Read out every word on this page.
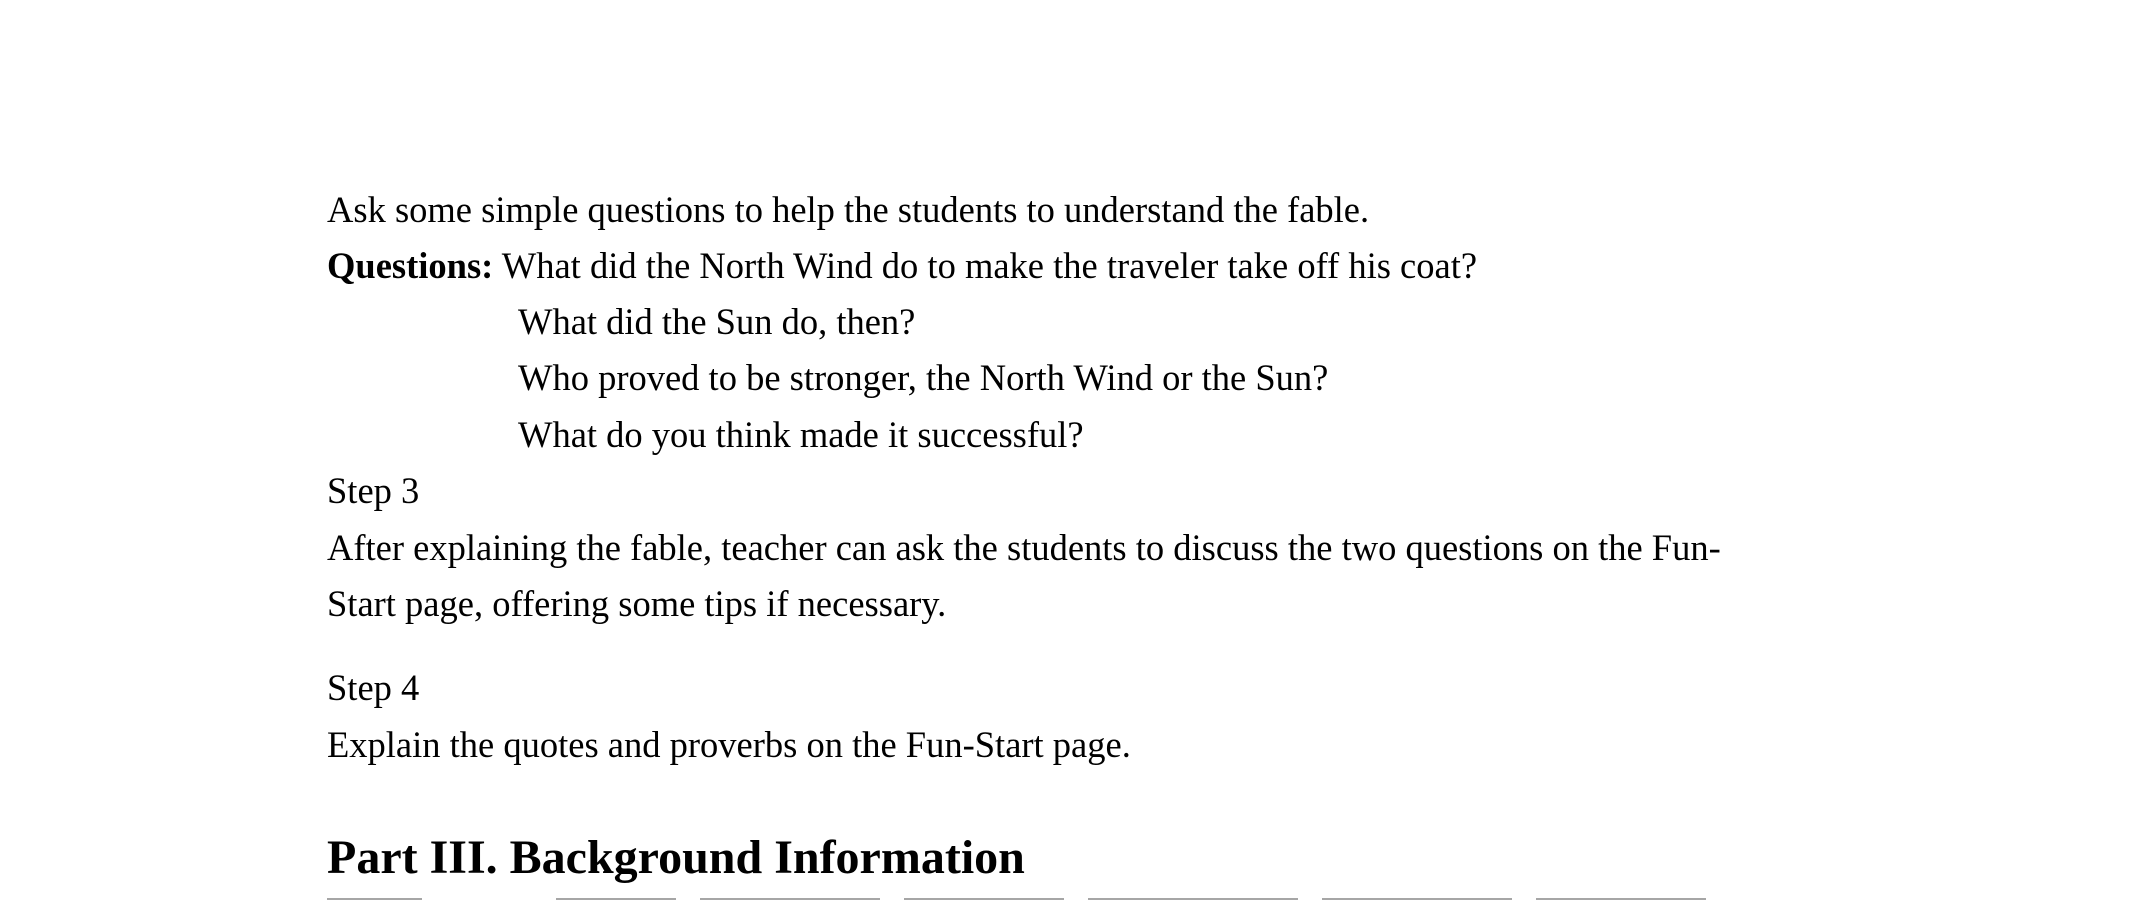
Ask some simple questions to help the students to understand the fable.
Questions: What did the North Wind do to make the traveler take off his coat?
What did the Sun do, then?
Who proved to be stronger, the North Wind or the Sun?
What do you think made it successful?
Step 3
After explaining the fable, teacher can ask the students to discuss the two questions on the Fun-
Start page, offering some tips if necessary.
Step 4
Explain the quotes and proverbs on the Fun-Start page.
Part III. Background Information
